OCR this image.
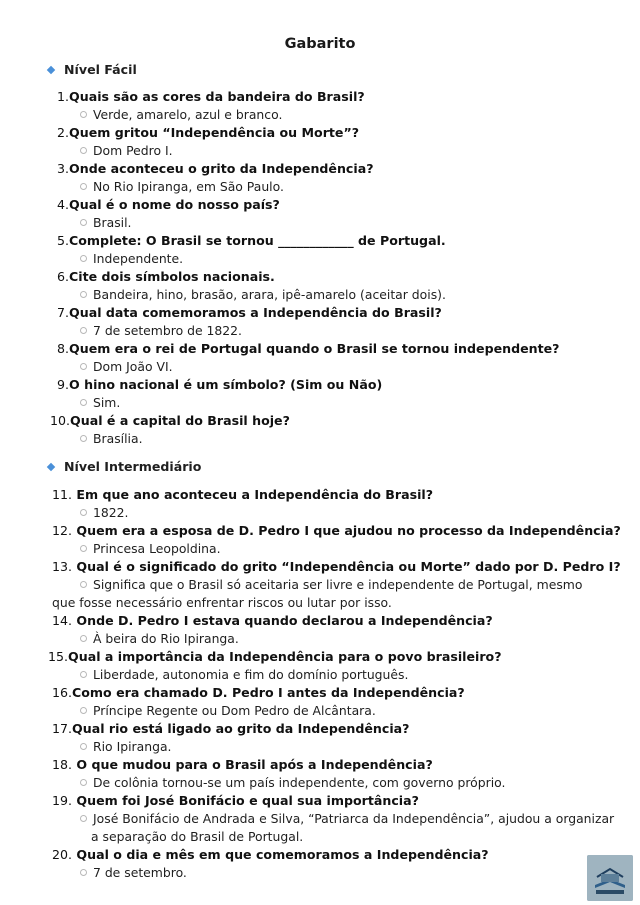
Gabarito
Nível Fácil
1.Quais são as cores da bandeira do Brasil?
Verde, amarelo, azul e branco.
2.Quem gritou “Independência ou Morte”?
Dom Pedro I.
3.Onde aconteceu o grito da Independência?
No Rio Ipiranga, em São Paulo.
4.Qual é o nome do nosso país?
Brasil.
5.Complete: O Brasil se tornou ____________ de Portugal.
Independente.
6.Cite dois símbolos nacionais.
Bandeira, hino, brasão, arara, ipê-amarelo (aceitar dois).
7.Qual data comemoramos a Independência do Brasil?
7 de setembro de 1822.
8.Quem era o rei de Portugal quando o Brasil se tornou independente?
Dom João VI.
9.O hino nacional é um símbolo? (Sim ou Não)
Sim.
10.Qual é a capital do Brasil hoje?
Brasília.
Nível Intermediário
11. Em que ano aconteceu a Independência do Brasil?
1822.
12. Quem era a esposa de D. Pedro I que ajudou no processo da Independência?
Princesa Leopoldina.
13. Qual é o significado do grito “Independência ou Morte” dado por D. Pedro I?
Significa que o Brasil só aceitaria ser livre e independente de Portugal, mesmo
que fosse necessário enfrentar riscos ou lutar por isso.
14. Onde D. Pedro I estava quando declarou a Independência?
À beira do Rio Ipiranga.
15.Qual a importância da Independência para o povo brasileiro?
Liberdade, autonomia e fim do domínio português.
16.Como era chamado D. Pedro I antes da Independência?
Príncipe Regente ou Dom Pedro de Alcântara.
17.Qual rio está ligado ao grito da Independência?
Rio Ipiranga.
18. O que mudou para o Brasil após a Independência?
De colônia tornou-se um país independente, com governo próprio.
19. Quem foi José Bonifácio e qual sua importância?
José Bonifácio de Andrada e Silva, “Patriarca da Independência”, ajudou a organizar
a separação do Brasil de Portugal.
20. Qual o dia e mês em que comemoramos a Independência?
7 de setembro.
